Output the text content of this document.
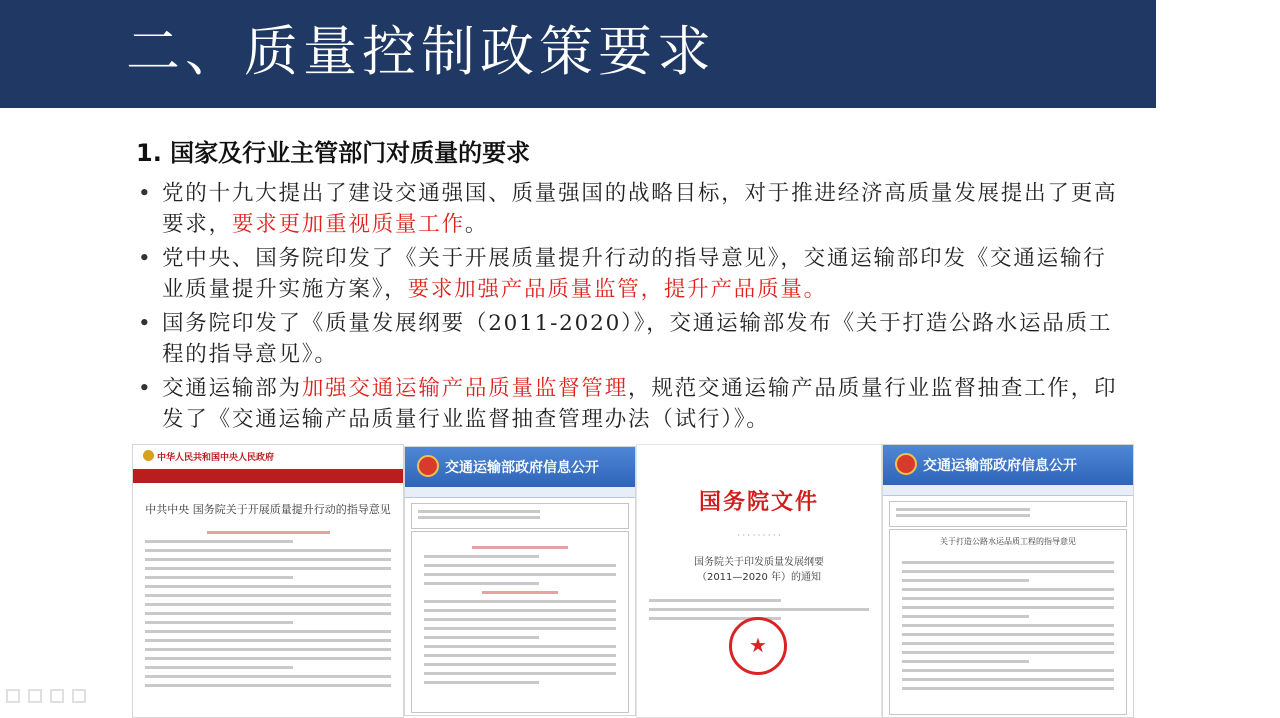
二、质量控制政策要求
1. 国家及行业主管部门对质量的要求
• 党的十九大提出了建设交通强国、质量强国的战略目标，对于推进经济高质量发展提出了更高要求，要求更加重视质量工作。
• 党中央、国务院印发了《关于开展质量提升行动的指导意见》，交通运输部印发《交通运输行业质量提升实施方案》，要求加强产品质量监管，提升产品质量。
• 国务院印发了《质量发展纲要（2011-2020）》，交通运输部发布《关于打造公路水运品质工程的指导意见》。
• 交通运输部为加强交通运输产品质量监督管理，规范交通运输产品质量行业监督抽查工作，印发了《交通运输产品质量行业监督抽查管理办法（试行）》。
中华人民共和国中央人民政府
中共中央 国务院关于开展质量提升行动的指导意见
交通运输部政府信息公开
国务院文件
· · · · · · · · ·
国务院关于印发质量发展纲要
（2011—2020 年）的通知
★
交通运输部政府信息公开
关于打造公路水运品质工程的指导意见
